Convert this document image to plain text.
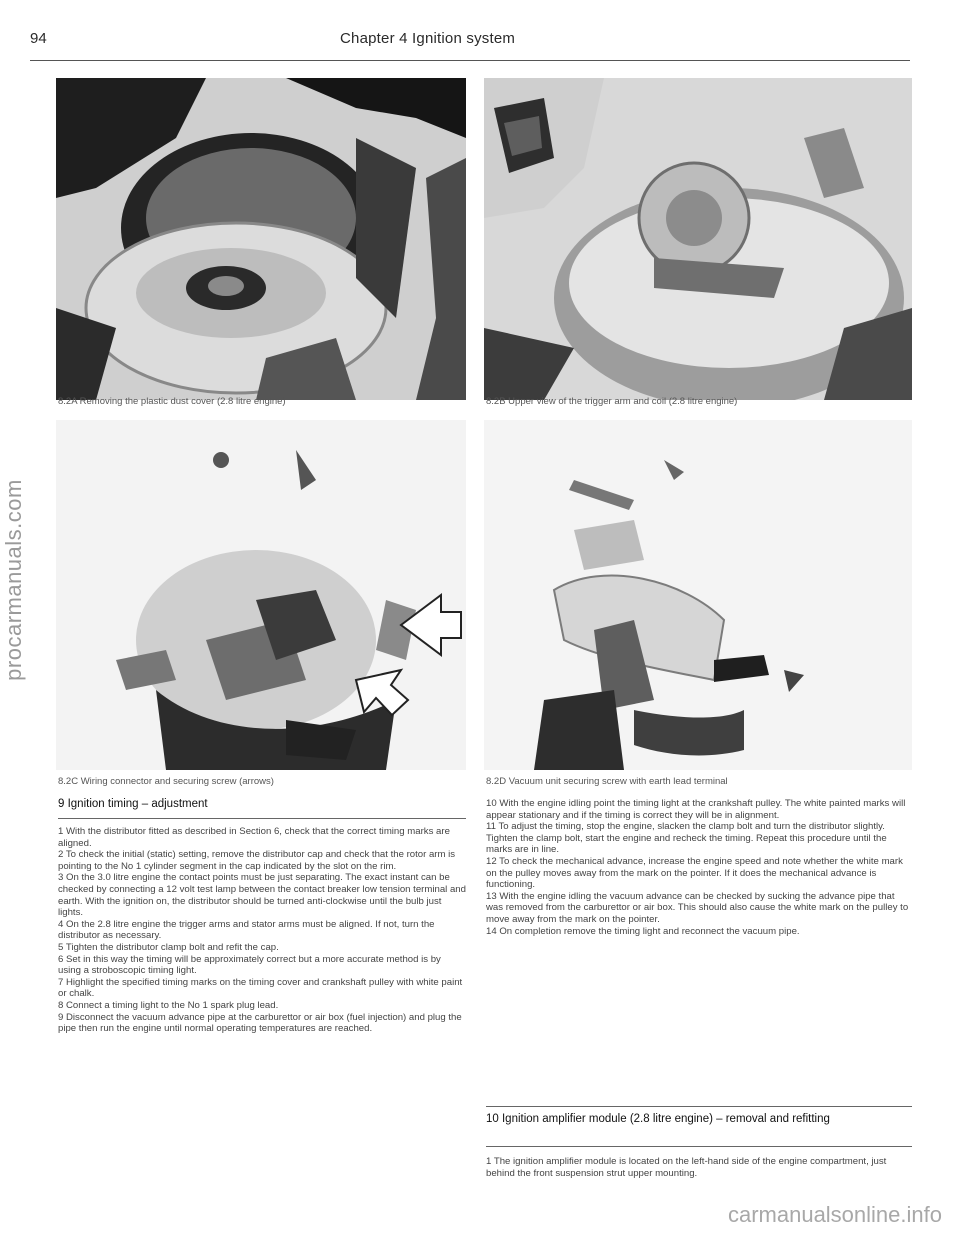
94	Chapter 4 Ignition system
8.2A Removing the plastic dust cover (2.8 litre engine)	8.2B Upper view of the trigger arm and coil (2.8 litre engine)
8.2C Wiring connector and securing screw (arrows)	8.2D Vacuum unit securing screw with earth lead terminal
9 Ignition timing – adjustment

1 With the distributor fitted as described in Section 6, check that the correct timing marks are aligned.

2 To check the initial (static) setting, remove the distributor cap and check that the rotor arm is pointing to the No 1 cylinder segment in the cap indicated by the slot on the rim.

3 On the 3.0 litre engine the contact points must be just separating. The exact instant can be checked by connecting a 12 volt test lamp between the contact breaker low tension terminal and earth. With the ignition on, the distributor should be turned anti-clockwise until the bulb just lights.

4 On the 2.8 litre engine the trigger arms and stator arms must be aligned. If not, turn the distributor as necessary.

5 Tighten the distributor clamp bolt and refit the cap.

6 Set in this way the timing will be approximately correct but a more accurate method is by using a stroboscopic timing light.

7 Highlight the specified timing marks on the timing cover and crankshaft pulley with white paint or chalk.

8 Connect a timing light to the No 1 spark plug lead.

9 Disconnect the vacuum advance pipe at the carburettor or air box (fuel injection) and plug the pipe then run the engine until normal operating temperatures are reached.

10 With the engine idling point the timing light at the crankshaft pulley. The white painted marks will appear stationary and if the timing is correct they will be in alignment.

11 To adjust the timing, stop the engine, slacken the clamp bolt and turn the distributor slightly. Tighten the clamp bolt, start the engine and recheck the timing. Repeat this procedure until the marks are in line.

12 To check the mechanical advance, increase the engine speed and note whether the white mark on the pulley moves away from the mark on the pointer. If it does the mechanical advance is functioning.

13 With the engine idling the vacuum advance can be checked by sucking the advance pipe that was removed from the carburettor or air box. This should also cause the white mark on the pulley to move away from the mark on the pointer.

14 On completion remove the timing light and reconnect the vacuum pipe.

10 Ignition amplifier module (2.8 litre engine) – removal and refitting

1 The ignition amplifier module is located on the left-hand side of the engine compartment, just behind the front suspension strut upper mounting.

procarmanuals.com
carmanualsonline.info
